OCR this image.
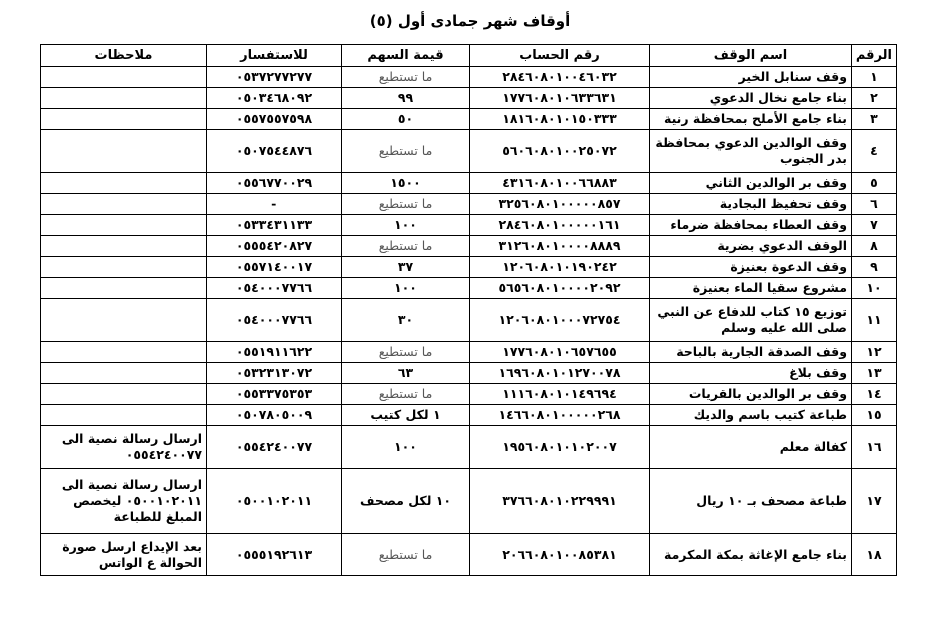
أوقاف شهر جمادى أول (٥)
الرقم	اسم الوقف	رقم الحساب	قيمة السهم	للاستفسار	ملاحظات
١	وقف سنابل الخير	٢٨٤٦٠٨٠١٠٠٤٦٠٣٢	ما تستطيع	٠٥٣٧٢٧٧٢٧٧	
٢	بناء جامع نخال الدعوي	١٧٧٦٠٨٠١٠٦٣٣٦٣١	٩٩	٠٥٠٣٤٦٨٠٩٢	
٣	بناء جامع الأملح بمحافظة رنية	١٨١٦٠٨٠١٠١٥٠٣٣٣	٥٠	٠٥٥٧٥٥٧٥٩٨	
٤	وقف الوالدين الدعوي بمحافظة بدر الجنوب	٥٦٠٦٠٨٠١٠٠٢٥٠٧٢	ما تستطيع	٠٥٠٧٥٤٤٨٧٦	
٥	وقف بر الوالدين الثاني	٤٣١٦٠٨٠١٠٠٦٦٨٨٣	١٥٠٠	٠٥٥٦٧٧٠٠٢٩	
٦	وقف تحفيظ البجادية	٣٢٥٦٠٨٠١٠٠٠٠٠٨٥٧	ما تستطيع	-	
٧	وقف العطاء بمحافظة ضرماء	٢٨٤٦٠٨٠١٠٠٠٠٠١٦١	١٠٠	٠٥٣٣٤٣١١٣٣	
٨	الوقف الدعوي بضرية	٣١٢٦٠٨٠١٠٠٠٠٨٨٨٩	ما تستطيع	٠٥٥٥٤٢٠٨٢٧	
٩	وقف الدعوة بعنيزة	١٢٠٦٠٨٠١٠١٩٠٢٤٢	٣٧	٠٥٥٧١٤٠٠١٧	
١٠	مشروع سقيا الماء بعنيزة	٥٦٥٦٠٨٠١٠٠٠٠٢٠٩٢	١٠٠	٠٥٤٠٠٠٧٧٦٦	
١١	توزيع ١٥ كتاب للدفاع عن النبي صلى الله عليه وسلم	١٢٠٦٠٨٠١٠٠٠٧٢٧٥٤	٣٠	٠٥٤٠٠٠٧٧٦٦	
١٢	وقف الصدقة الجارية بالباحة	١٧٧٦٠٨٠١٠٦٥٧٦٥٥	ما تستطيع	٠٥٥١٩١١٦٢٢	
١٣	وقف بلاغ	١٦٩٦٠٨٠١٠١٢٧٠٠٧٨	٦٣	٠٥٣٢٣١٣٠٧٢	
١٤	وقف بر الوالدين بالقريات	١١١٦٠٨٠١٠١٤٩٦٩٤	ما تستطيع	٠٥٥٣٣٧٥٣٥٣	
١٥	طباعة كتيب باسم والديك	١٤٦٦٠٨٠١٠٠٠٠٠٢٦٨	١ لكل كتيب	٠٥٠٧٨٠٥٠٠٩	
١٦	كفالة معلم	١٩٥٦٠٨٠١٠١٠٢٠٠٧	١٠٠	٠٥٥٤٢٤٠٠٧٧	ارسال رسالة نصية الى ٠٥٥٤٢٤٠٠٧٧
١٧	طباعة مصحف بـ ١٠ ريال	٣٧٦٦٠٨٠١٠٢٢٩٩٩١	١٠ لكل مصحف	٠٥٠٠١٠٢٠١١	ارسال رسالة نصية الى ٠٥٠٠١٠٢٠١١ ليخصص المبلغ للطباعة
١٨	بناء جامع الإغاثة بمكة المكرمة	٢٠٦٦٠٨٠١٠٠٨٥٣٨١	ما تستطيع	٠٥٥٥١٩٢٦١٣	بعد الإيداع ارسل صورة الحوالة ع الواتس
